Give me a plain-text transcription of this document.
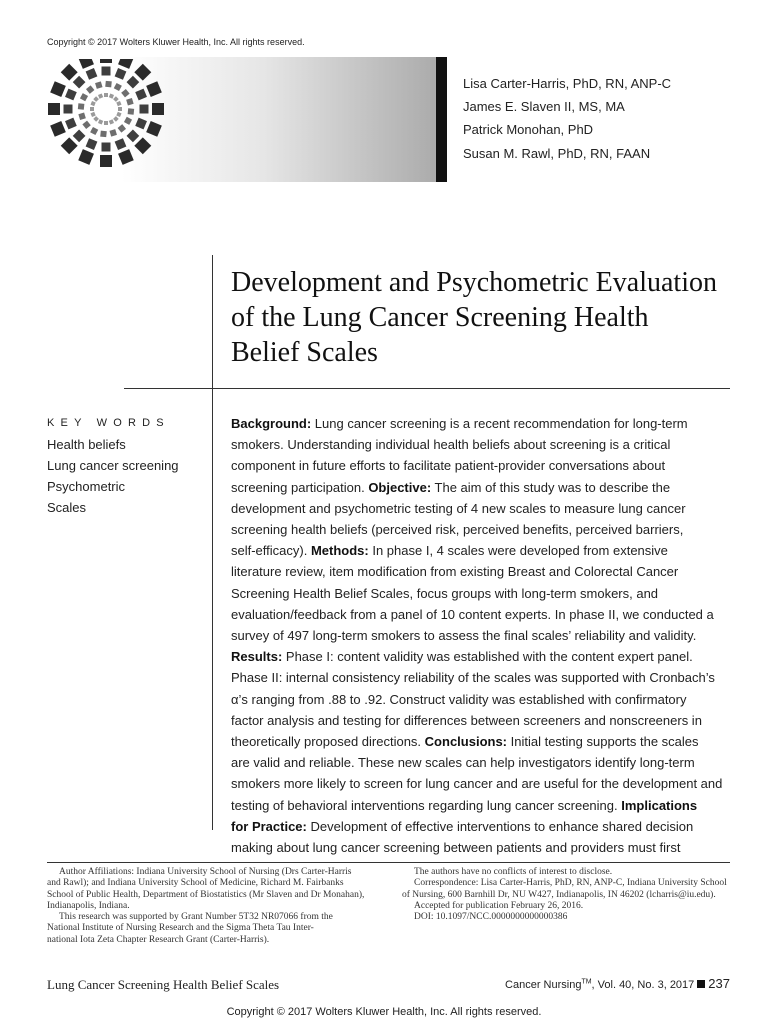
Copyright © 2017 Wolters Kluwer Health, Inc. All rights reserved.
Lisa Carter-Harris, PhD, RN, ANP-C
James E. Slaven II, MS, MA
Patrick Monohan, PhD
Susan M. Rawl, PhD, RN, FAAN
Development and Psychometric Evaluation
of the Lung Cancer Screening Health
Belief Scales
KEY WORDS
Health beliefs
Lung cancer screening
Psychometric
Scales
Background: Lung cancer screening is a recent recommendation for long-term
smokers. Understanding individual health beliefs about screening is a critical
component in future efforts to facilitate patient-provider conversations about
screening participation. Objective: The aim of this study was to describe the
development and psychometric testing of 4 new scales to measure lung cancer
screening health beliefs (perceived risk, perceived benefits, perceived barriers,
self-efficacy). Methods: In phase I, 4 scales were developed from extensive
literature review, item modification from existing Breast and Colorectal Cancer
Screening Health Belief Scales, focus groups with long-term smokers, and
evaluation/feedback from a panel of 10 content experts. In phase II, we conducted a
survey of 497 long-term smokers to assess the final scales’ reliability and validity.
Results: Phase I: content validity was established with the content expert panel.
Phase II: internal consistency reliability of the scales was supported with Cronbach’s
α’s ranging from .88 to .92. Construct validity was established with confirmatory
factor analysis and testing for differences between screeners and nonscreeners in
theoretically proposed directions. Conclusions: Initial testing supports the scales
are valid and reliable. These new scales can help investigators identify long-term
smokers more likely to screen for lung cancer and are useful for the development and
testing of behavioral interventions regarding lung cancer screening. Implications
for Practice: Development of effective interventions to enhance shared decision
making about lung cancer screening between patients and providers must first
Author Affiliations: Indiana University School of Nursing (Drs Carter-Harris
and Rawl); and Indiana University School of Medicine, Richard M. Fairbanks
School of Public Health, Department of Biostatistics (Mr Slaven and Dr Monahan),
Indianapolis, Indiana.
This research was supported by Grant Number 5T32 NR07066 from the
National Institute of Nursing Research and the Sigma Theta Tau Inter-
national Iota Zeta Chapter Research Grant (Carter-Harris).
The authors have no conflicts of interest to disclose.
Correspondence: Lisa Carter-Harris, PhD, RN, ANP-C, Indiana University School
of Nursing, 600 Barnhill Dr, NU W427, Indianapolis, IN 46202 (lcharris@iu.edu).
Accepted for publication February 26, 2016.
DOI: 10.1097/NCC.0000000000000386
Lung Cancer Screening Health Belief Scales	Cancer Nursing™, Vol. 40, No. 3, 2017 237
Copyright © 2017 Wolters Kluwer Health, Inc. All rights reserved.
